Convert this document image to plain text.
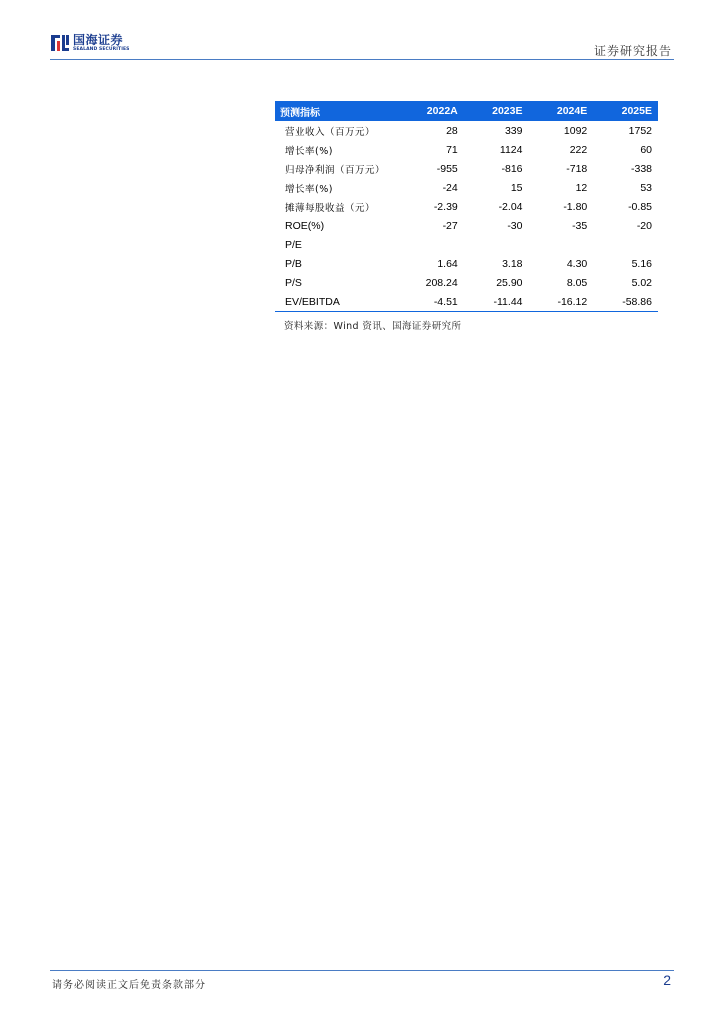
国海证券
SEALAND SECURITIES	证券研究报告
预测指标	2022A	2023E	2024E	2025E
营业收入（百万元）	28	339	1092	1752
增长率(%)	71	1124	222	60
归母净利润（百万元）	-955	-816	-718	-338
增长率(%)	-24	15	12	53
摊薄每股收益（元）	-2.39	-2.04	-1.80	-0.85
ROE(%)	-27	-30	-35	-20
P/E				
P/B	1.64	3.18	4.30	5.16
P/S	208.24	25.90	8.05	5.02
EV/EBITDA	-4.51	-11.44	-16.12	-58.86
资料来源：Wind 资讯、国海证券研究所
请务必阅读正文后免责条款部分	2
